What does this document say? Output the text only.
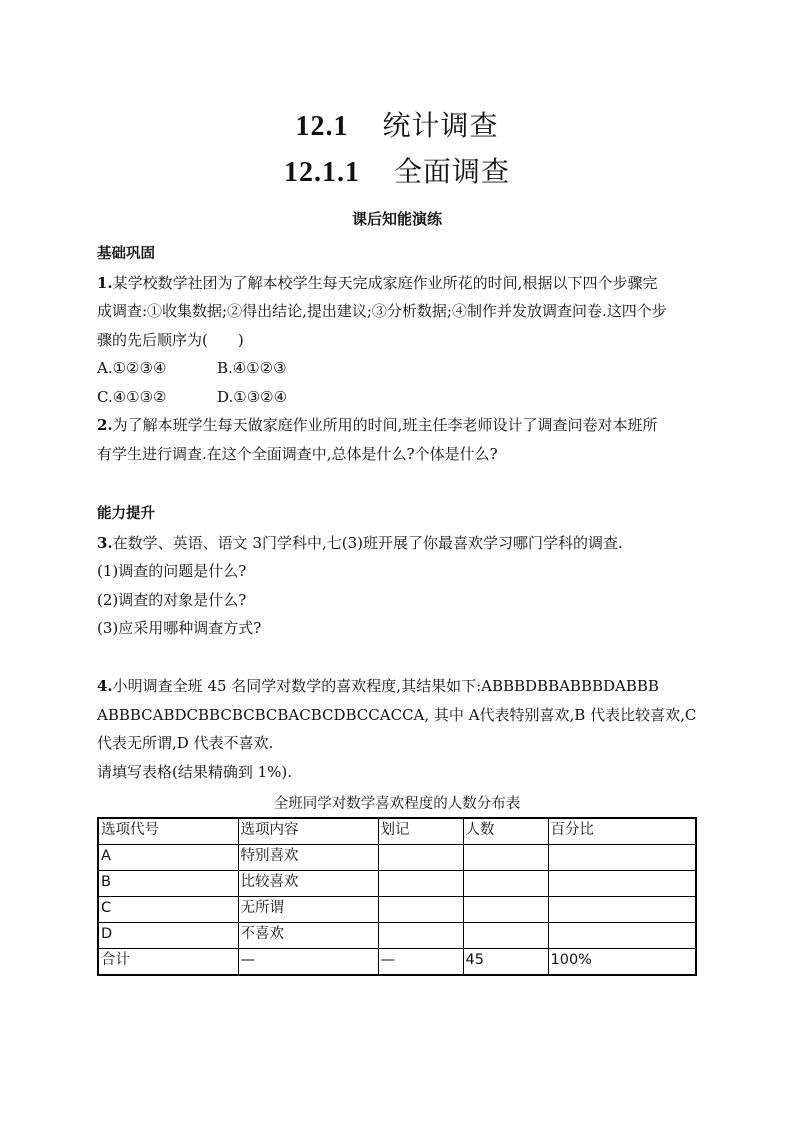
12.1 统计调查
12.1.1 全面调查
课后知能演练
基础巩固
1.某学校数学社团为了解本校学生每天完成家庭作业所花的时间,根据以下四个步骤完
成调查:①收集数据;②得出结论,提出建议;③分析数据;④制作并发放调查问卷.这四个步
骤的先后顺序为(　　)
A.①②③④	B.④①②③
C.④①③②	D.①③②④
2.为了解本班学生每天做家庭作业所用的时间,班主任李老师设计了调查问卷对本班所
有学生进行调查.在这个全面调查中,总体是什么?个体是什么?
能力提升
3.在数学、英语、语文 3门学科中,七(3)班开展了你最喜欢学习哪门学科的调查.
(1)调查的问题是什么?
(2)调查的对象是什么?
(3)应采用哪种调查方式?
4.小明调查全班 45 名同学对数学的喜欢程度,其结果如下:ABBBDBBABBBDABBB
ABBBCABDCBBCBCBCBACBCDBCCACCA, 其中 A代表特别喜欢,B 代表比较喜欢,C
代表无所谓,D 代表不喜欢.
请填写表格(结果精确到 1%).
全班同学对数学喜欢程度的人数分布表
选项代号	选项内容	划记	人数	百分比
A	特别喜欢			
B	比较喜欢			
C	无所谓			
D	不喜欢			
合计	—	—	45	100%
